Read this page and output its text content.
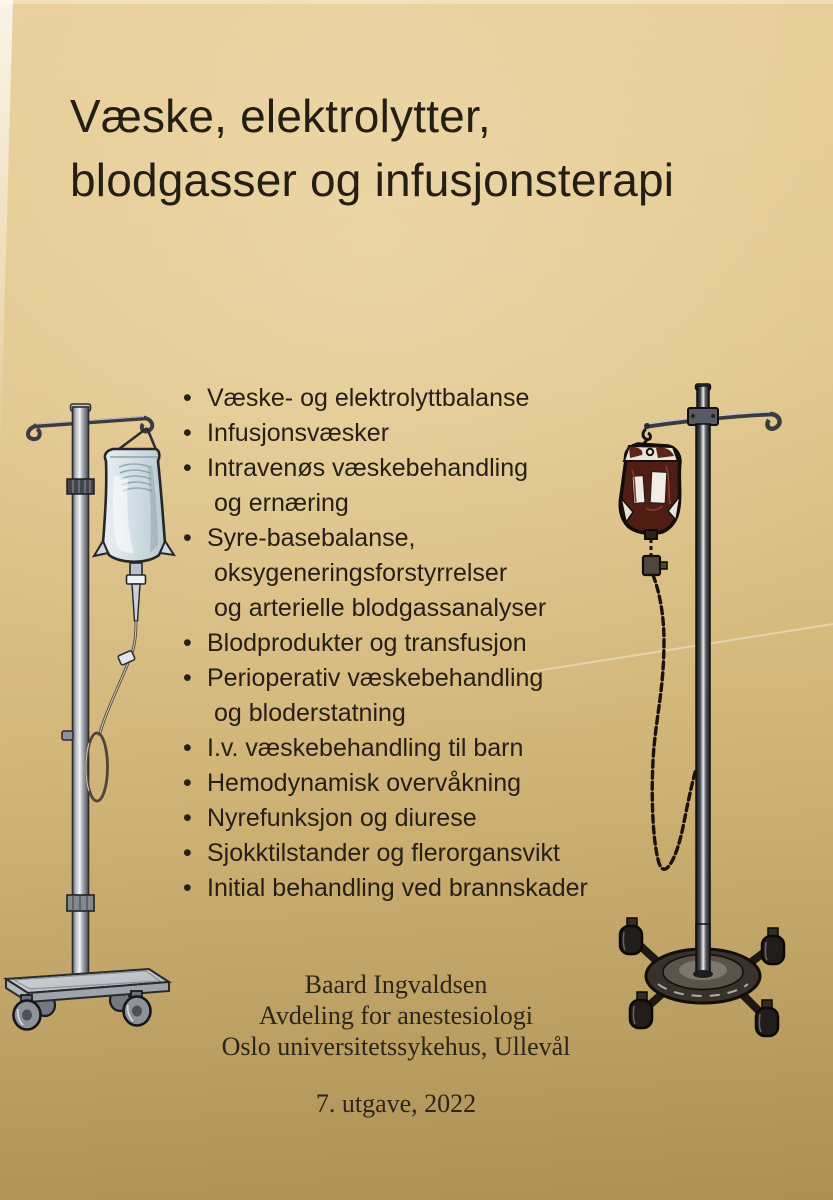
Væske, elektrolytter,
blodgasser og infusjonsterapi
• Væske- og elektrolyttbalanse
• Infusjonsvæsker
• Intravenøs væskebehandling
og ernæring
• Syre-basebalanse,
oksygeneringsforstyrrelser
og arterielle blodgassanalyser
• Blodprodukter og transfusjon
• Perioperativ væskebehandling
og bloderstatning
• I.v. væskebehandling til barn
• Hemodynamisk overvåkning
• Nyrefunksjon og diurese
• Sjokktilstander og flerorgansvikt
• Initial behandling ved brannskader
Baard Ingvaldsen
Avdeling for anestesiologi
Oslo universitetssykehus, Ullevål
7. utgave, 2022
